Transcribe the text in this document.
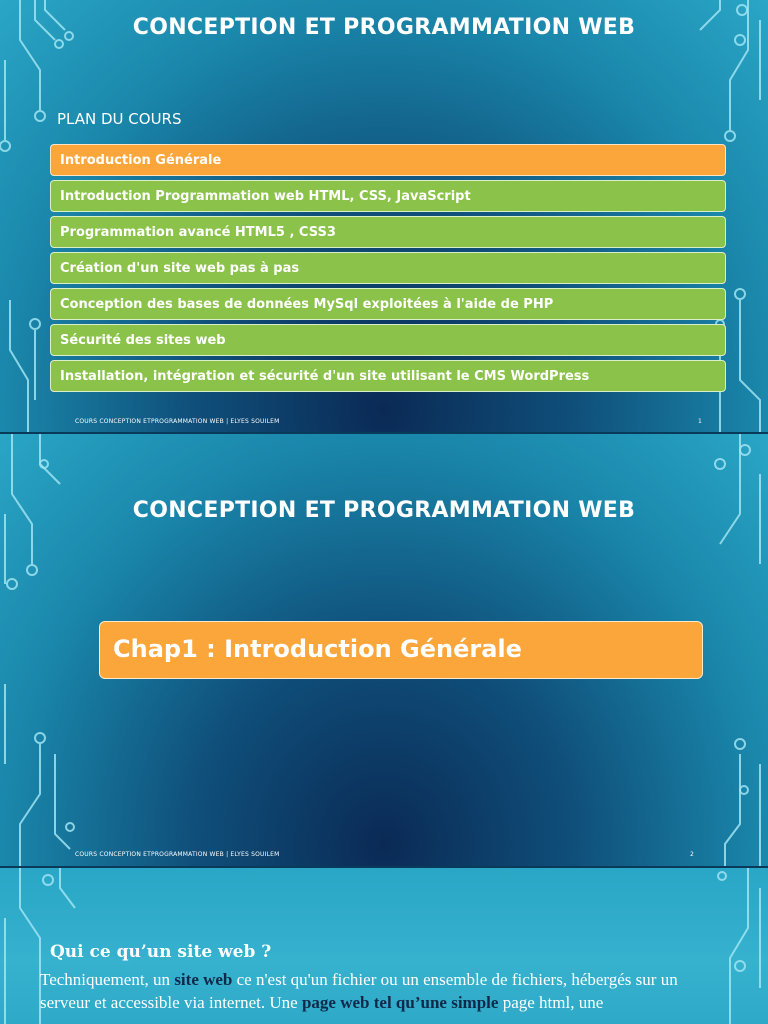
CONCEPTION ET PROGRAMMATION WEB
PLAN DU COURS
Introduction Générale
Introduction Programmation web HTML, CSS, JavaScript
Programmation avancé HTML5 , CSS3
Création d'un site web pas à pas
Conception des bases de données MySql exploitées à l'aide de PHP
Sécurité des sites web
Installation, intégration et sécurité d'un site utilisant le CMS WordPress
COURS CONCEPTION ETPROGRAMMATION WEB | ELYES SOUILEM	1
CONCEPTION ET PROGRAMMATION WEB
Chap1 : Introduction Générale
COURS CONCEPTION ETPROGRAMMATION WEB | ELYES SOUILEM	2
Qui ce qu’un site web ?
Techniquement, un site web ce n'est qu'un fichier ou un ensemble de fichiers, hébergés sur un serveur et accessible via internet. Une page web tel qu’une simple page html, une
